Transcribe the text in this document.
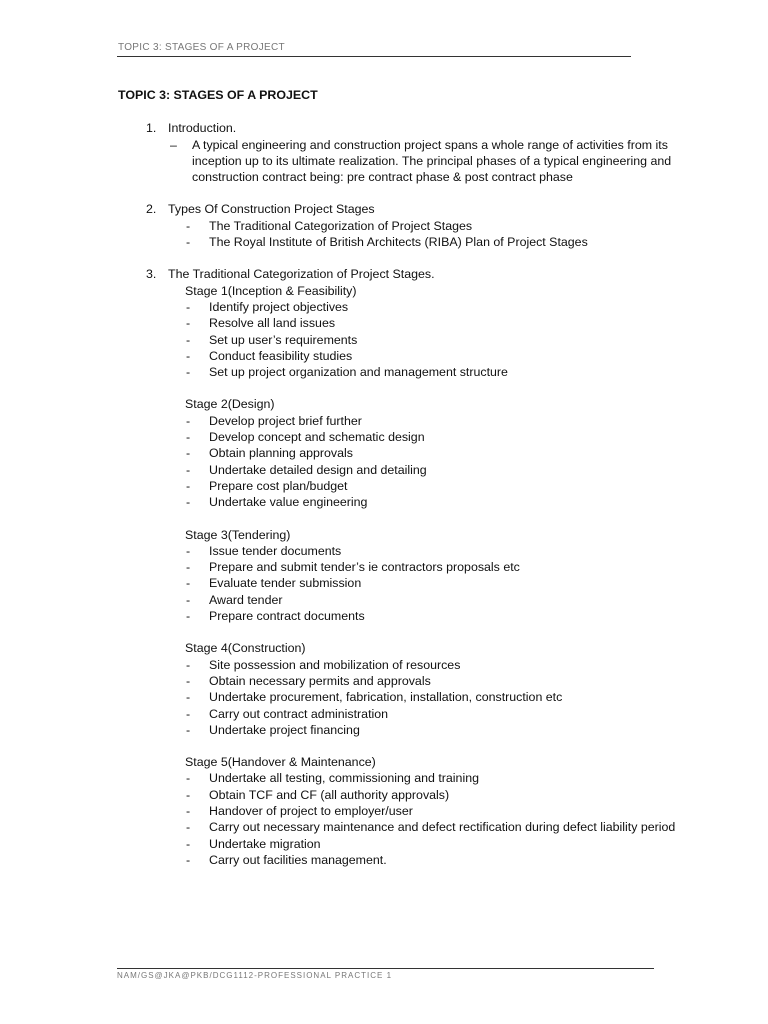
TOPIC 3: STAGES OF A PROJECT
TOPIC 3: STAGES OF A PROJECT
1. Introduction.
– A typical engineering and construction project spans a whole range of activities from its inception up to its ultimate realization. The principal phases of a typical engineering and construction contract being: pre contract phase & post contract phase
2. Types Of Construction Project Stages
- The Traditional Categorization of Project Stages
- The Royal Institute of British Architects (RIBA) Plan of Project Stages
3. The Traditional Categorization of Project Stages.
Stage 1(Inception & Feasibility)
- Identify project objectives
- Resolve all land issues
- Set up user’s requirements
- Conduct feasibility studies
- Set up project organization and management structure
Stage 2(Design)
- Develop project brief further
- Develop concept and schematic design
- Obtain planning approvals
- Undertake detailed design and detailing
- Prepare cost plan/budget
- Undertake value engineering
Stage 3(Tendering)
- Issue tender documents
- Prepare and submit tender’s ie contractors proposals etc
- Evaluate tender submission
- Award tender
- Prepare contract documents
Stage 4(Construction)
- Site possession and mobilization of resources
- Obtain necessary permits and approvals
- Undertake procurement, fabrication, installation, construction etc
- Carry out contract administration
- Undertake project financing
Stage 5(Handover & Maintenance)
- Undertake all testing, commissioning and training
- Obtain TCF and CF (all authority approvals)
- Handover of project to employer/user
- Carry out necessary maintenance and defect rectification during defect liability period
- Undertake migration
- Carry out facilities management.
NAM/GS@JKA@PKB/DCG1112-PROFESSIONAL PRACTICE 1
